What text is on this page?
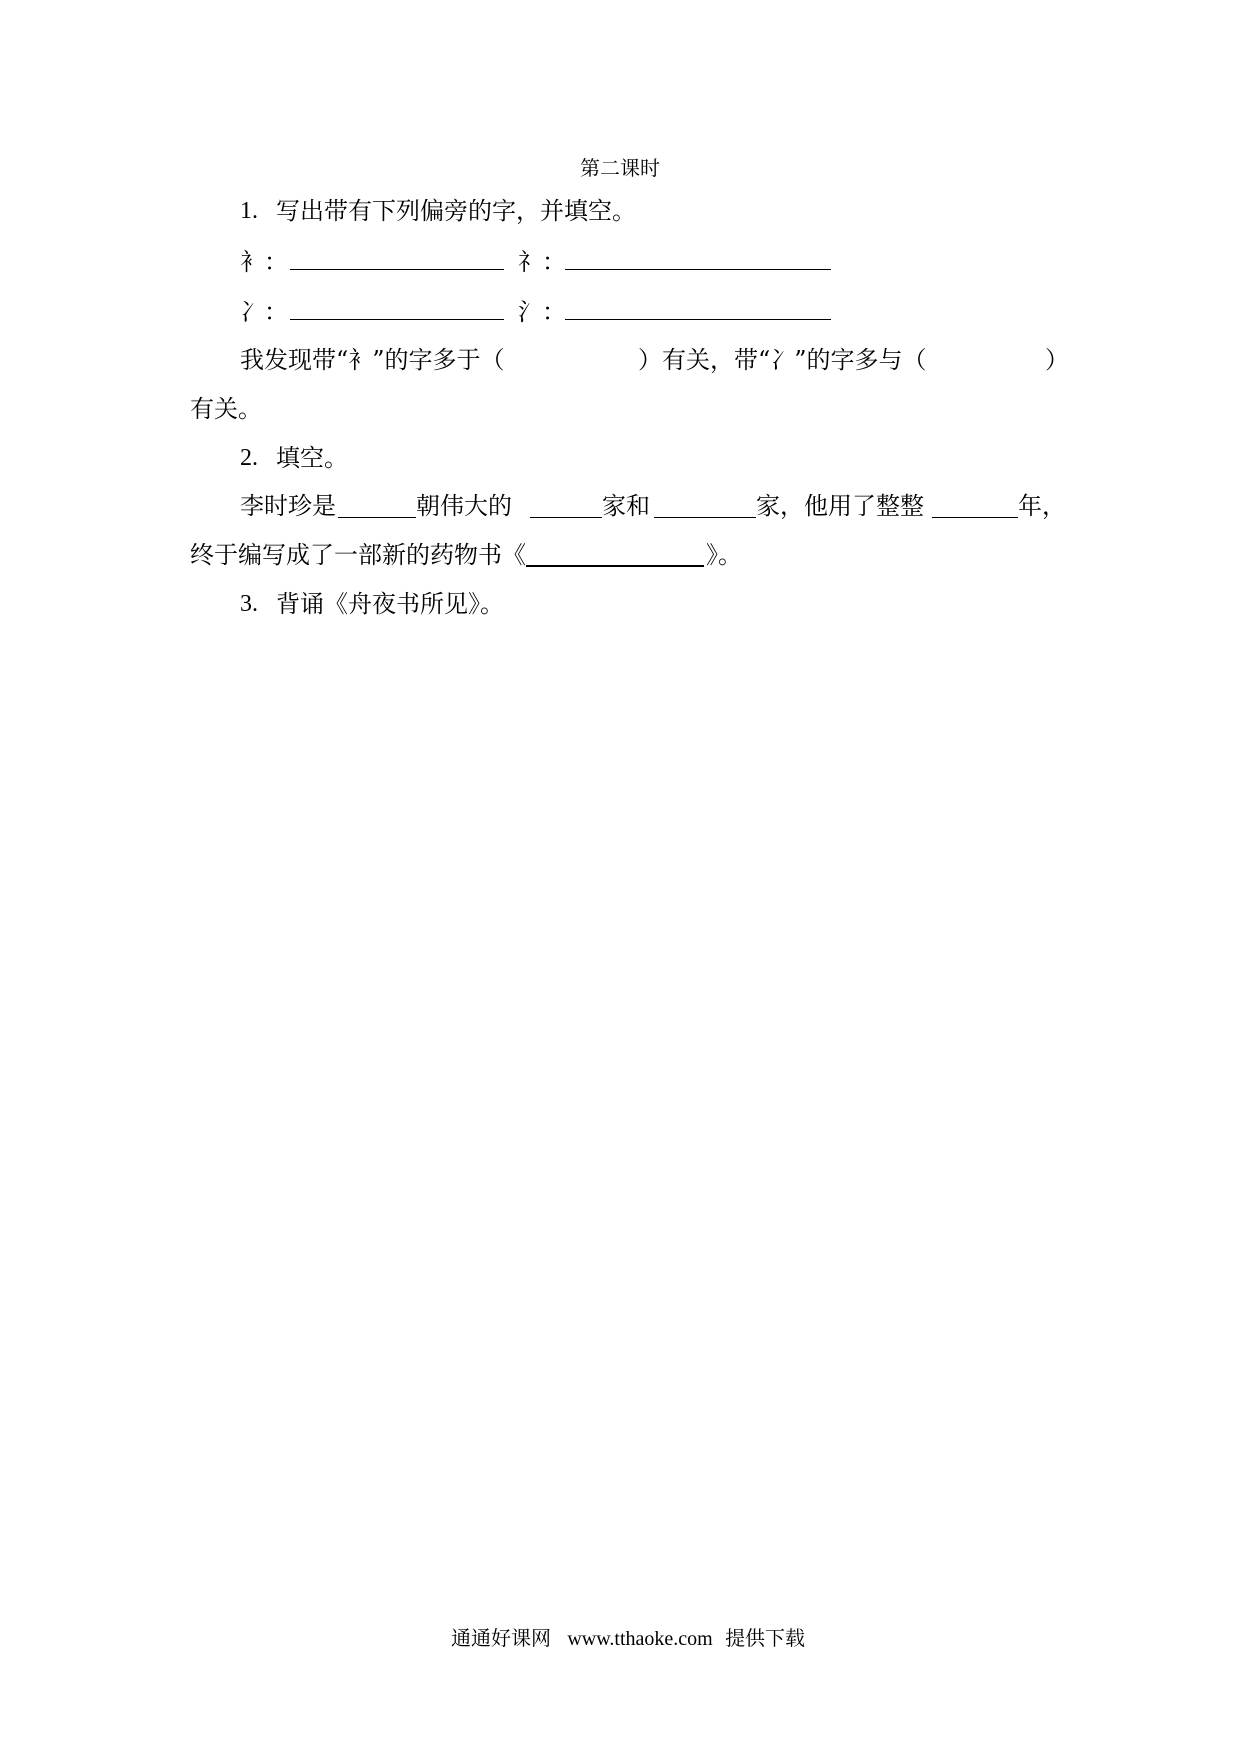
第二课时
1. 写出带有下列偏旁的字，并填空。
衤：	礻：
冫：	氵：
我发现带“衤”的字多于（	）有关，带“冫”的字多与（	）
有关。
2. 填空。
李时珍是	朝伟大的	家和	家，他用了整整	年，
终于编写成了一部新的药物书《	》。
3. 背诵《舟夜书所见》。
通通好课网 www.tthaoke.com 提供下载
